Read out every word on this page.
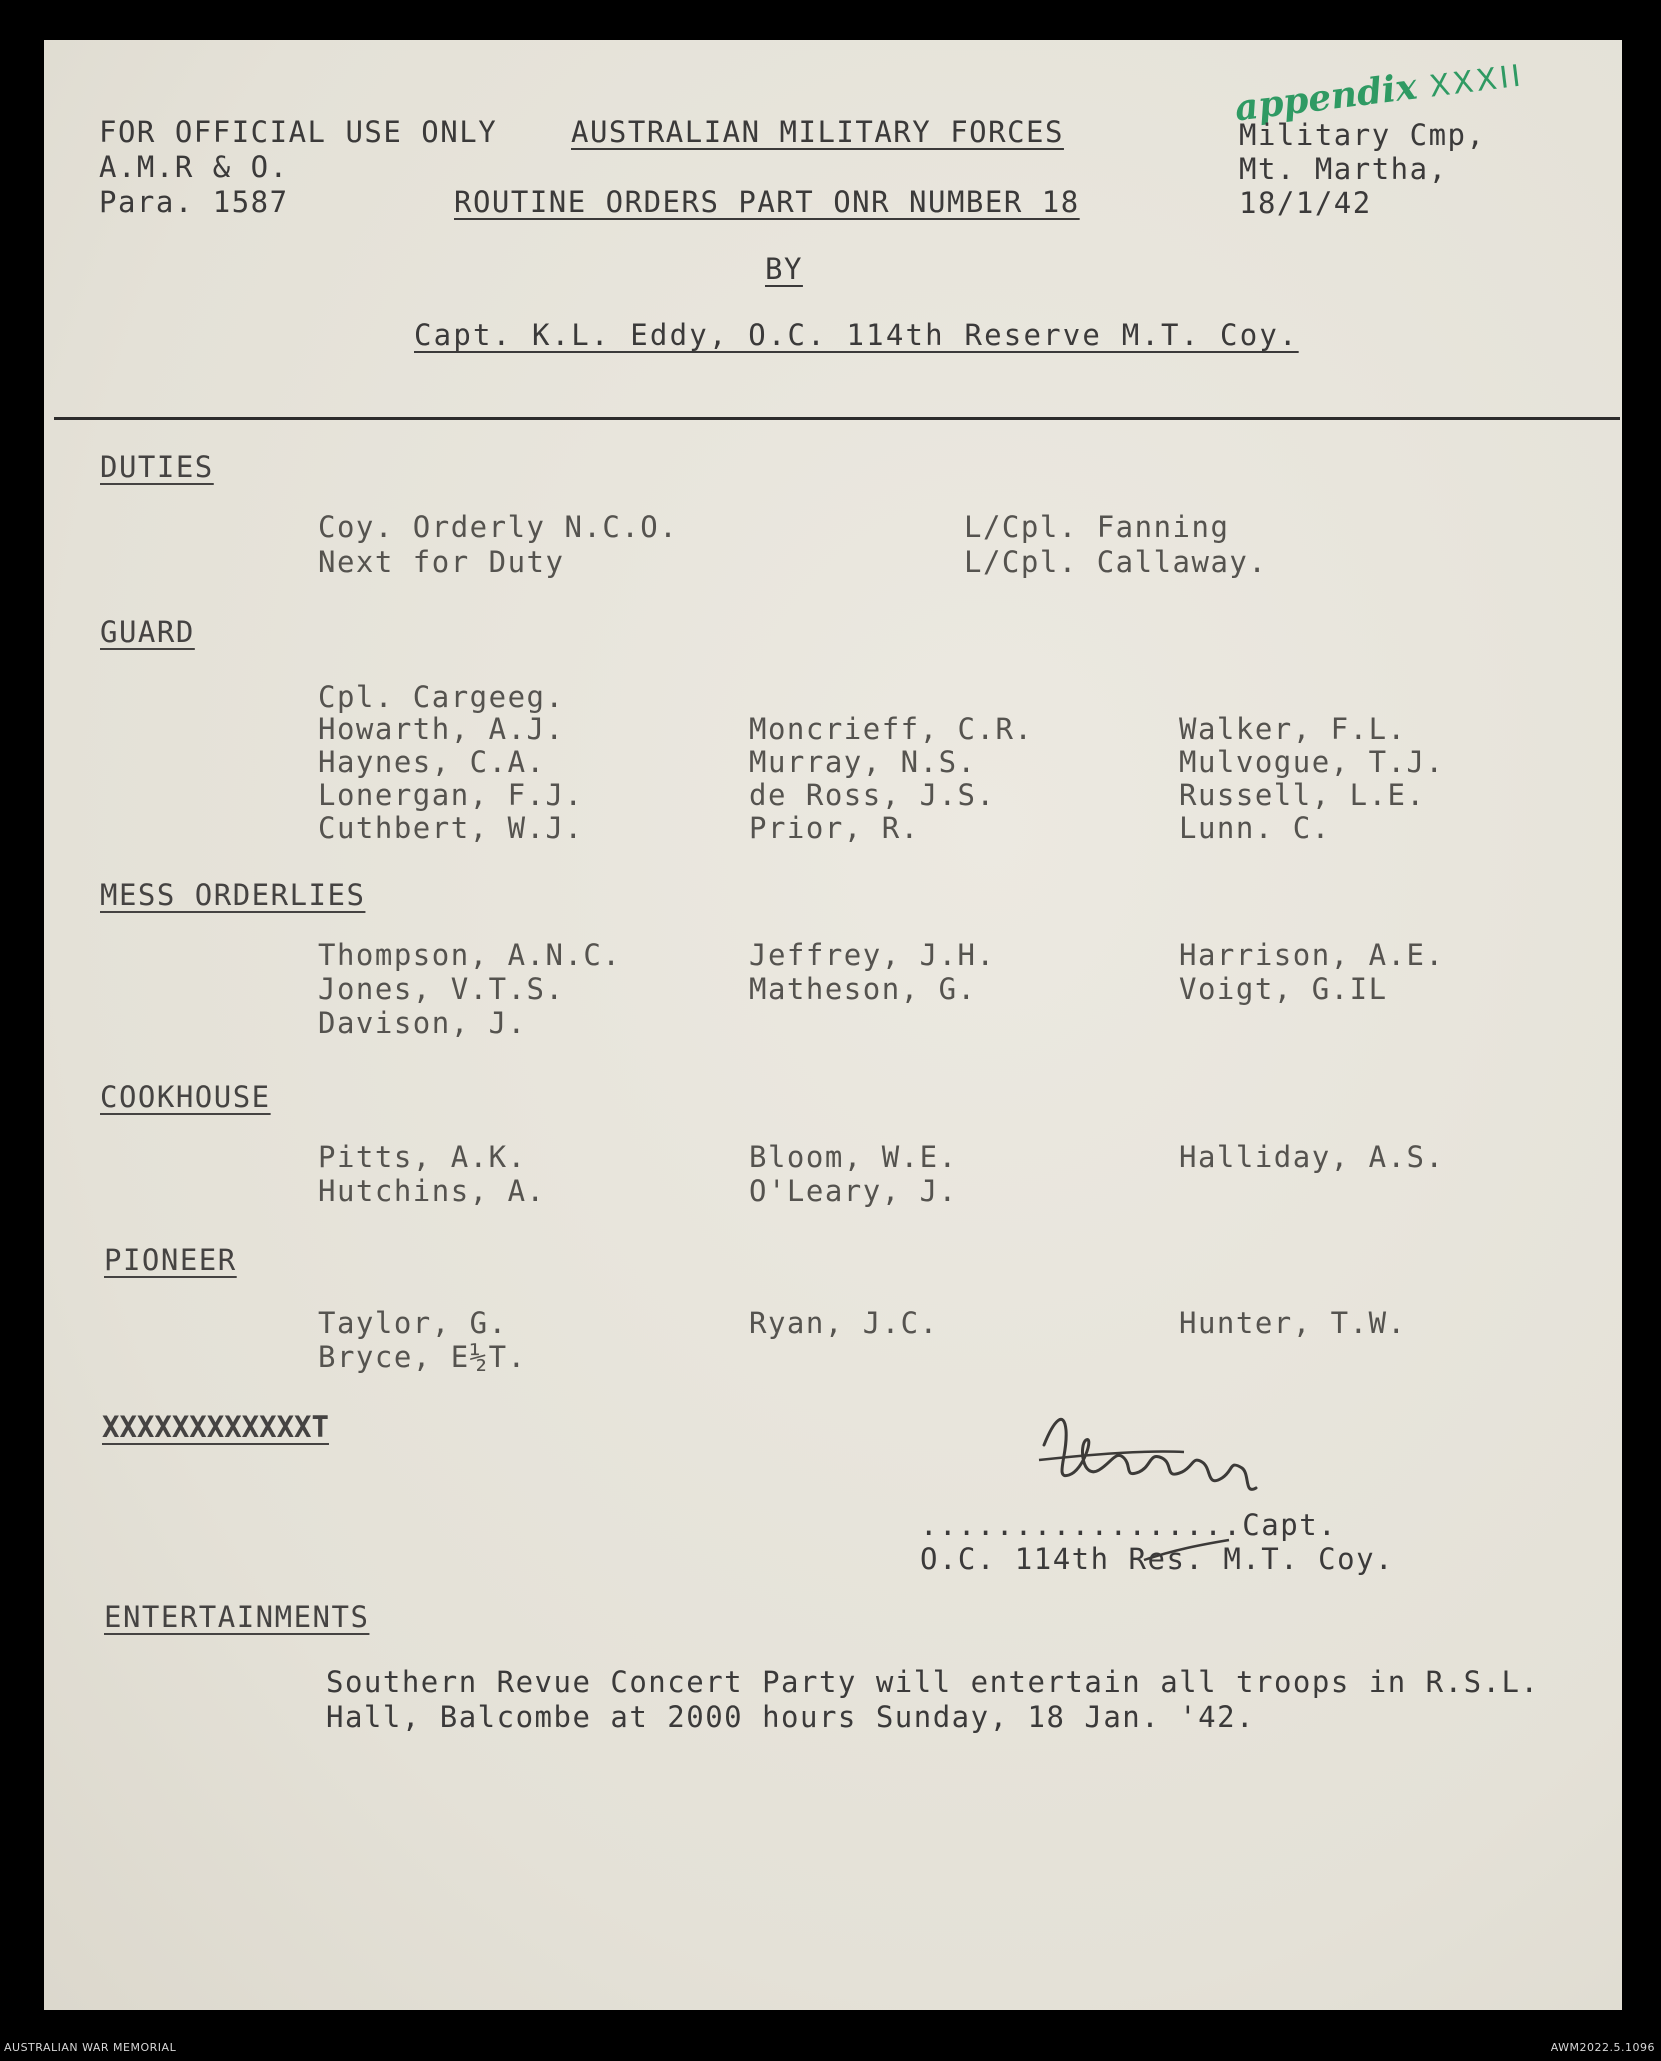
appendix XXXII
FOR OFFICIAL USE ONLY
A.M.R & O.
Para. 1587
AUSTRALIAN MILITARY FORCES
ROUTINE ORDERS PART ONR NUMBER 18
BY
Capt. K.L. Eddy, O.C. 114th Reserve M.T. Coy.
Military Cmp,
Mt. Martha,
18/1/42
DUTIES
Coy. Orderly N.C.O.
Next for Duty
L/Cpl. Fanning
L/Cpl. Callaway.
GUARD
Cpl. Cargeeg.
Howarth, A.J.
Haynes, C.A.
Lonergan, F.J.
Cuthbert, W.J.
Moncrieff, C.R.
Murray, N.S.
de Ross, J.S.
Prior, R.
Walker, F.L.
Mulvogue, T.J.
Russell, L.E.
Lunn. C.
MESS ORDERLIES
Thompson, A.N.C.
Jones, V.T.S.
Davison, J.
Jeffrey, J.H.
Matheson, G.
Harrison, A.E.
Voigt, G.IL
COOKHOUSE
Pitts, A.K.
Hutchins, A.
Bloom, W.E.
O'Leary, J.
Halliday, A.S.
PIONEER
Taylor, G.
Bryce, E½T.
Ryan, J.C.	Hunter, T.W.
XXXXXXXXXXXXT
.................Capt.
O.C. 114th Res. M.T. Coy.
ENTERTAINMENTS
Southern Revue Concert Party will entertain all troops in R.S.L.
Hall, Balcombe at 2000 hours Sunday, 18 Jan. '42.
AUSTRALIAN WAR MEMORIAL	AWM2022.5.1096
